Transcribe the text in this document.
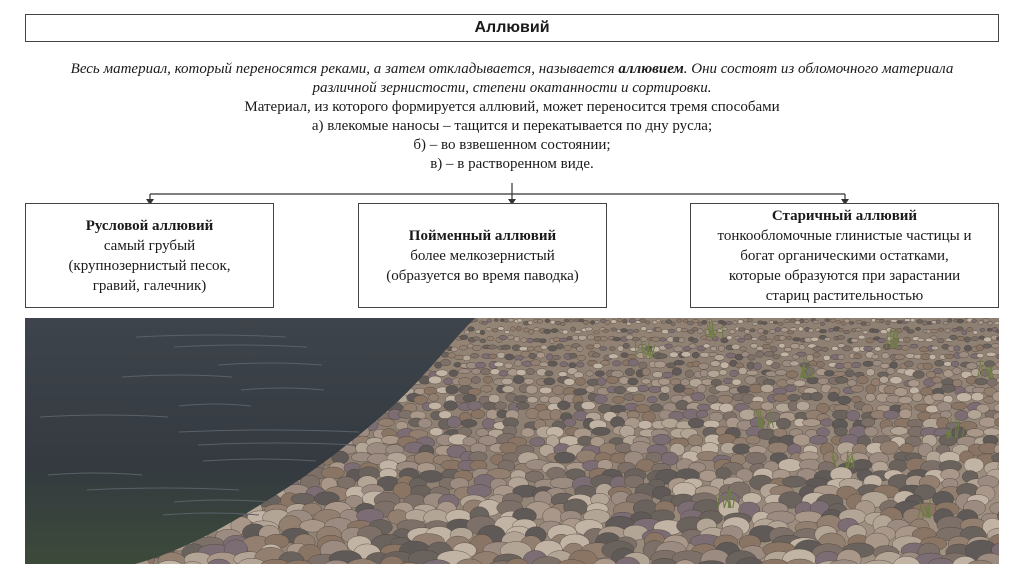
Аллювий
Весь материал, который переносятся реками, а затем откладывается, называется аллювием. Они состоят из обломочного материала различной зернистости, степени окатанности и сортировки.
Материал, из которого формируется аллювий, может переносится тремя способами
а) влекомые наносы – тащится и перекатывается по дну русла;
б) – во взвешенном состоянии;
в) – в растворенном виде.
Русловой аллювий
самый грубый
(крупнозернистый песок,
гравий, галечник)
Пойменный аллювий
более мелкозернистый
(образуется во время паводка)
Старичный аллювий
тонкообломочные глинистые частицы и
богат органическими остатками,
которые образуются при зарастании
стариц растительностью
